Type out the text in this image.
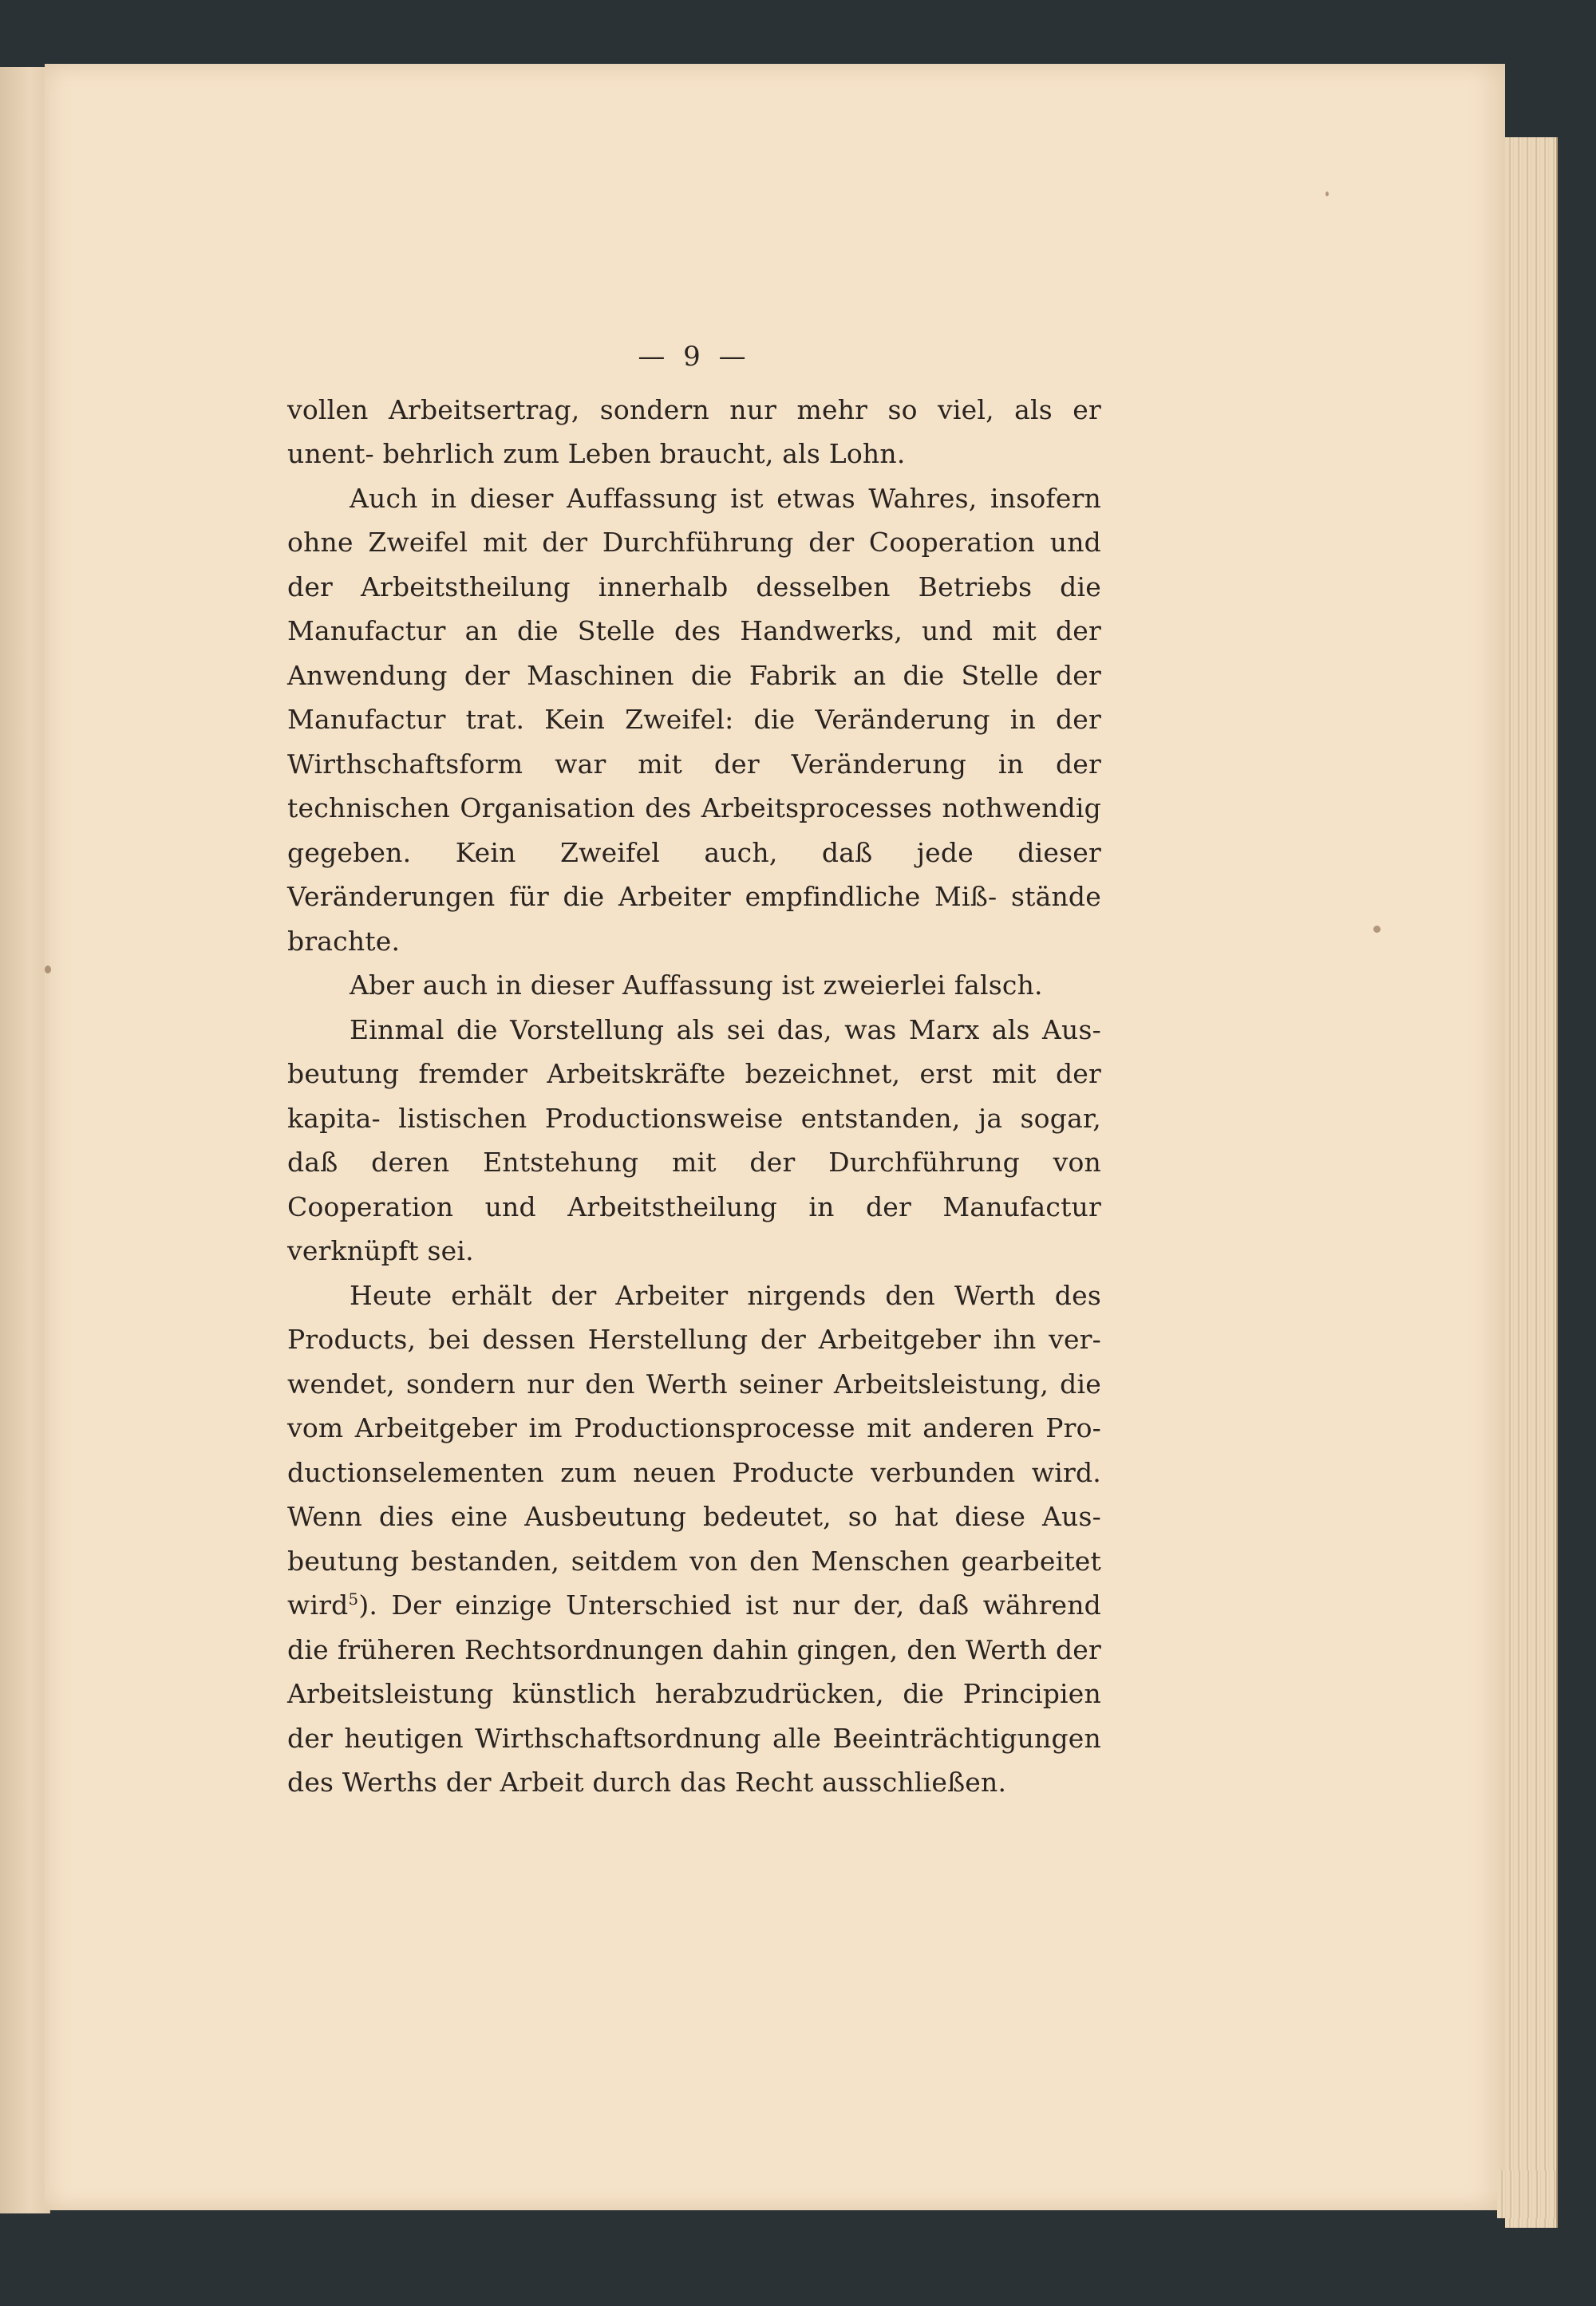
— 9 —

vollen Arbeitsertrag, sondern nur mehr so viel, als er unent- behrlich zum Leben braucht, als Lohn.

Auch in dieser Auffassung ist etwas Wahres, insofern ohne Zweifel mit der Durchführung der Cooperation und der Arbeitstheilung innerhalb desselben Betriebs die Manufactur an die Stelle des Handwerks, und mit der Anwendung der Maschinen die Fabrik an die Stelle der Manufactur trat. Kein Zweifel: die Veränderung in der Wirthschaftsform war mit der Veränderung in der technischen Organisation des Arbeitsprocesses nothwendig gegeben. Kein Zweifel auch, daß jede dieser Veränderungen für die Arbeiter empfindliche Miß- stände brachte.

Aber auch in dieser Auffassung ist zweierlei falsch.

Einmal die Vorstellung als sei das, was Marx als Aus- beutung fremder Arbeitskräfte bezeichnet, erst mit der kapita- listischen Productionsweise entstanden, ja sogar, daß deren Entstehung mit der Durchführung von Cooperation und Arbeitstheilung in der Manufactur verknüpft sei.

Heute erhält der Arbeiter nirgends den Werth des Products, bei dessen Herstellung der Arbeitgeber ihn ver- wendet, sondern nur den Werth seiner Arbeitsleistung, die vom Arbeitgeber im Productionsprocesse mit anderen Pro- ductionselementen zum neuen Producte verbunden wird. Wenn dies eine Ausbeutung bedeutet, so hat diese Aus- beutung bestanden, seitdem von den Menschen gearbeitet wird$^5$). Der einzige Unterschied ist nur der, daß während die früheren Rechtsordnungen dahin gingen, den Werth der Arbeitsleistung künstlich herabzudrücken, die Principien der heutigen Wirthschaftsordnung alle Beeinträchtigungen des Werths der Arbeit durch das Recht ausschließen.
